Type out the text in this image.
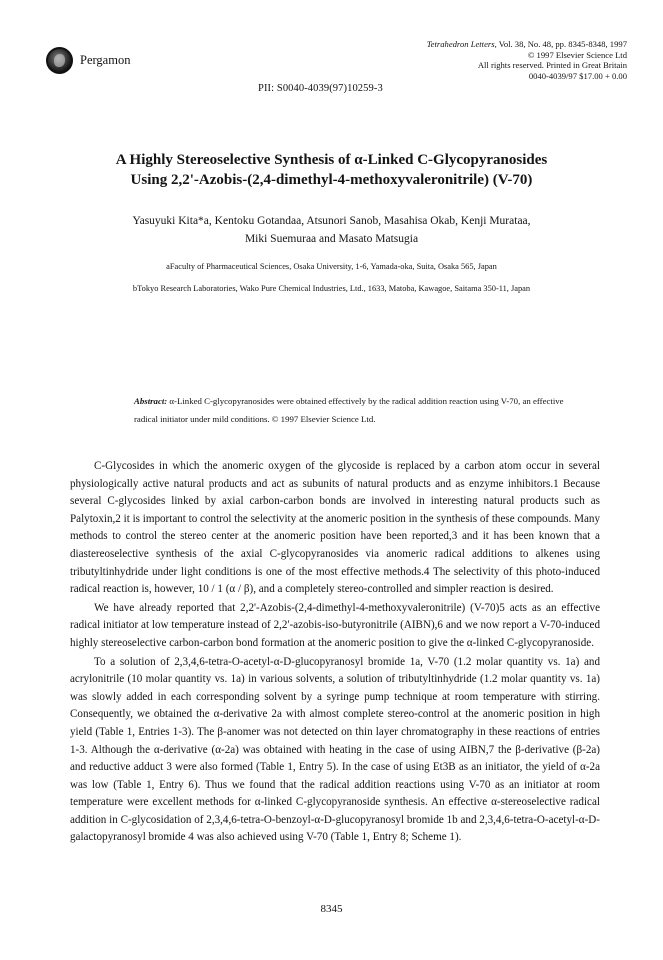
Pergamon
Tetrahedron Letters, Vol. 38, No. 48, pp. 8345-8348, 1997
© 1997 Elsevier Science Ltd
All rights reserved. Printed in Great Britain
0040-4039/97 $17.00 + 0.00
PII: S0040-4039(97)10259-3
A Highly Stereoselective Synthesis of α-Linked C-Glycopyranosides
Using 2,2'-Azobis-(2,4-dimethyl-4-methoxyvaleronitrile) (V-70)
Yasuyuki Kita*a, Kentoku Gotandaa, Atsunori Sanob, Masahisa Okab, Kenji Murataa,
Miki Suemuraa and Masato Matsugia
aFaculty of Pharmaceutical Sciences, Osaka University, 1-6, Yamada-oka, Suita, Osaka 565, Japan
bTokyo Research Laboratories, Wako Pure Chemical Industries, Ltd., 1633, Matoba, Kawagoe, Saitama 350-11, Japan
Abstract: α-Linked C-glycopyranosides were obtained effectively by the radical addition reaction using V-70, an effective radical initiator under mild conditions. © 1997 Elsevier Science Ltd.

C-Glycosides in which the anomeric oxygen of the glycoside is replaced by a carbon atom occur in several physiologically active natural products and act as subunits of natural products and as enzyme inhibitors.1 Because several C-glycosides linked by axial carbon-carbon bonds are involved in interesting natural products such as Palytoxin,2 it is important to control the selectivity at the anomeric position in the synthesis of these compounds. Many methods to control the stereo center at the anomeric position have been reported,3 and it has been known that a diastereoselective synthesis of the axial C-glycopyranosides via anomeric radical additions to alkenes using tributyltinhydride under light conditions is one of the most effective methods.4 The selectivity of this photo-induced radical reaction is, however, 10 / 1 (α / β), and a completely stereo-controlled and simpler reaction is desired.

We have already reported that 2,2'-Azobis-(2,4-dimethyl-4-methoxyvaleronitrile) (V-70)5 acts as an effective radical initiator at low temperature instead of 2,2'-azobis-iso-butyronitrile (AIBN),6 and we now report a V-70-induced highly stereoselective carbon-carbon bond formation at the anomeric position to give the α-linked C-glycopyranoside.

To a solution of 2,3,4,6-tetra-O-acetyl-α-D-glucopyranosyl bromide 1a, V-70 (1.2 molar quantity vs. 1a) and acrylonitrile (10 molar quantity vs. 1a) in various solvents, a solution of tributyltinhydride (1.2 molar quantity vs. 1a) was slowly added in each corresponding solvent by a syringe pump technique at room temperature with stirring. Consequently, we obtained the α-derivative 2a with almost complete stereo-control at the anomeric position in high yield (Table 1, Entries 1-3). The β-anomer was not detected on thin layer chromatography in these reactions of entries 1-3. Although the α-derivative (α-2a) was obtained with heating in the case of using AIBN,7 the β-derivative (β-2a) and reductive adduct 3 were also formed (Table 1, Entry 5). In the case of using Et3B as an initiator, the yield of α-2a was low (Table 1, Entry 6). Thus we found that the radical addition reactions using V-70 as an initiator at room temperature were excellent methods for α-linked C-glycopyranoside synthesis. An effective α-stereoselective radical addition in C-glycosidation of 2,3,4,6-tetra-O-benzoyl-α-D-glucopyranosyl bromide 1b and 2,3,4,6-tetra-O-acetyl-α-D-galactopyranosyl bromide 4 was also achieved using V-70 (Table 1, Entry 8; Scheme 1).

8345
